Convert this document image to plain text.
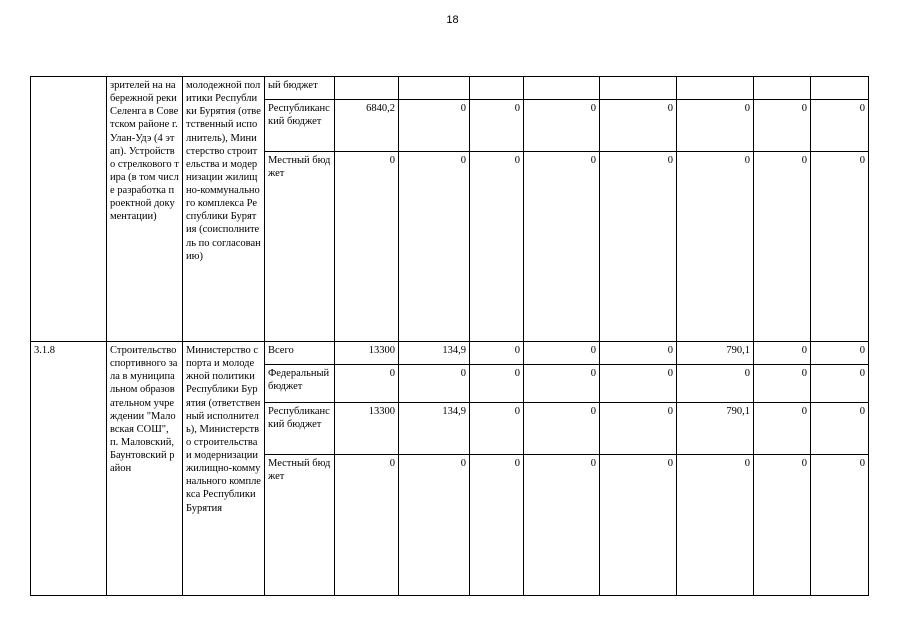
18
	зрителей на набережной реки Селенга в Советском районе г. Улан-Удэ (4 этап). Устройство стрелкового тира (в том числе разработка проектной документации)	молодежной политики Республики Бурятия (ответственный исполнитель), Министерство строительства и модернизации жилищно-коммунального комплекса Республики Бурятия (соисполнитель по согласованию)	ый бюджет								
			Республиканский бюджет	6840,2	0	0	0	0	0	0	0
			Местный бюджет	0	0	0	0	0	0	0	0
3.1.8	Строительство спортивного зала в муниципальном образовательном учреждении "Маловская СОШ", п. Маловский, Баунтовский район	Министерство спорта и молодежной политики Республики Бурятия (ответственный исполнитель), Министерство строительства и модернизации жилищно-коммунального комплекса Республики Бурятия	Всего	13300	134,9	0	0	0	790,1	0	0
			Федеральный бюджет	0	0	0	0	0	0	0	0
			Республиканский бюджет	13300	134,9	0	0	0	790,1	0	0
			Местный бюджет	0	0	0	0	0	0	0	0
